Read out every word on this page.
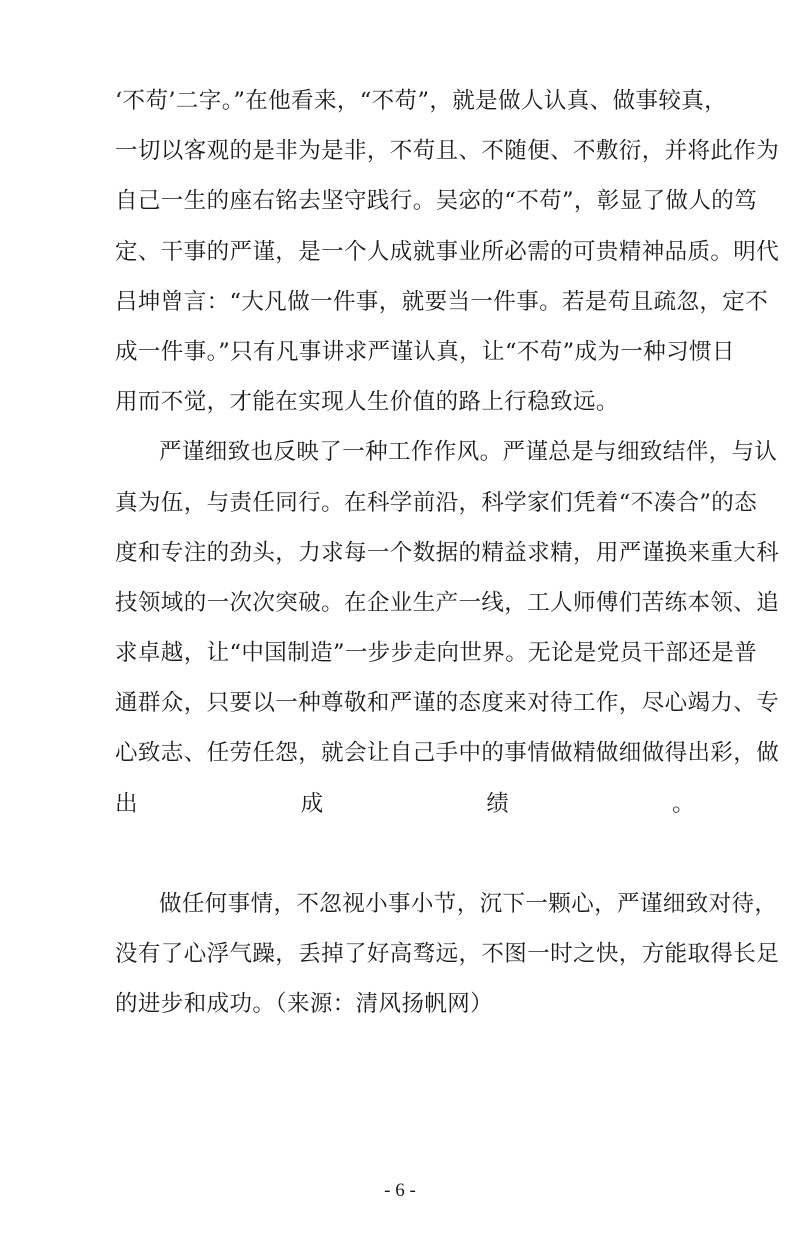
‘不苟’二字。”在他看来，“不苟”，就是做人认真、做事较真，
一切以客观的是非为是非，不苟且、不随便、不敷衍，并将此作为
自己一生的座右铭去坚守践行。吴宓的“不苟”，彰显了做人的笃
定、干事的严谨，是一个人成就事业所必需的可贵精神品质。明代
吕坤曾言：“大凡做一件事，就要当一件事。若是苟且疏忽，定不
成一件事。”只有凡事讲求严谨认真，让“不苟”成为一种习惯日
用而不觉，才能在实现人生价值的路上行稳致远。
严谨细致也反映了一种工作作风。严谨总是与细致结伴，与认
真为伍，与责任同行。在科学前沿，科学家们凭着“不凑合”的态
度和专注的劲头，力求每一个数据的精益求精，用严谨换来重大科
技领域的一次次突破。在企业生产一线，工人师傅们苦练本领、追
求卓越，让“中国制造”一步步走向世界。无论是党员干部还是普
通群众，只要以一种尊敬和严谨的态度来对待工作，尽心竭力、专
心致志、任劳任怨，就会让自己手中的事情做精做细做得出彩，做
出成绩。
做任何事情，不忽视小事小节，沉下一颗心，严谨细致对待，
没有了心浮气躁，丢掉了好高骛远，不图一时之快，方能取得长足
的进步和成功。（来源：清风扬帆网）
- 6 -
